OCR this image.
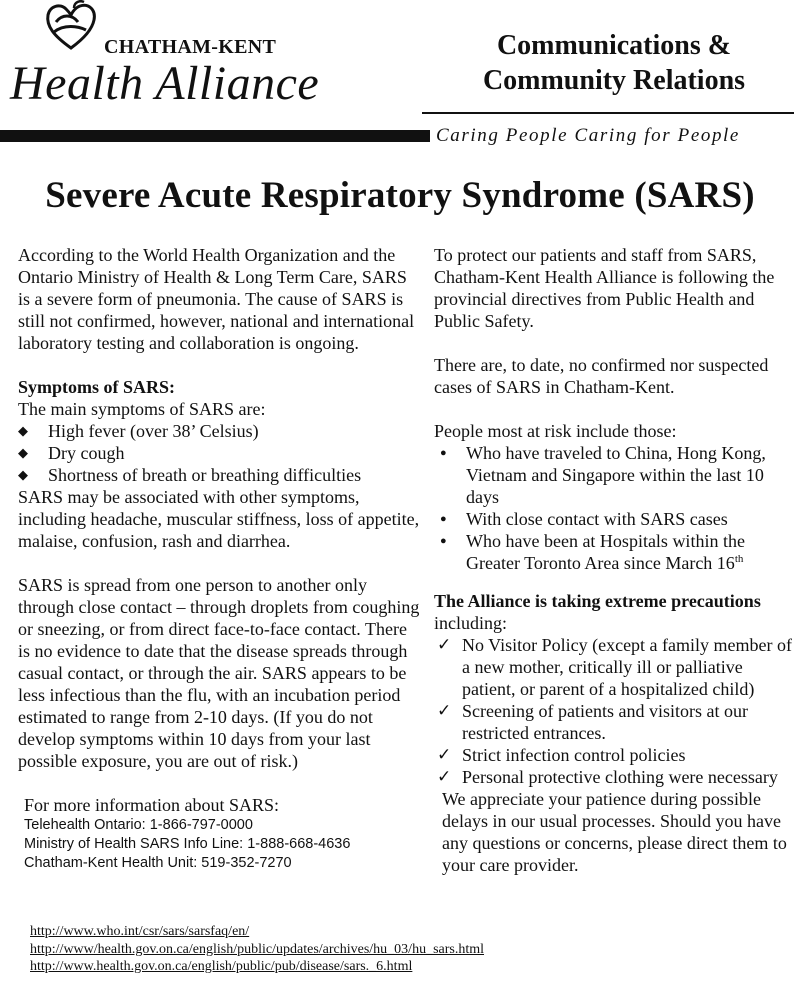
CHATHAM-KENT
Health Alliance
Communications &
Community Relations
Caring People Caring for People
Severe Acute Respiratory Syndrome (SARS)

According to the World Health Organization and the Ontario Ministry of Health & Long Term Care, SARS is a severe form of pneumonia. The cause of SARS is still not confirmed, however, national and international laboratory testing and collaboration is ongoing.

Symptoms of SARS:

The main symptoms of SARS are:

◆ High fever (over 38’ Celsius)
◆ Dry cough
◆ Shortness of breath or breathing difficulties

SARS may be associated with other symptoms, including headache, muscular stiffness, loss of appetite, malaise, confusion, rash and diarrhea.

SARS is spread from one person to another only through close contact – through droplets from coughing or sneezing, or from direct face-to-face contact. There is no evidence to date that the disease spreads through casual contact, or through the air. SARS appears to be less infectious than the flu, with an incubation period estimated to range from 2-10 days. (If you do not develop symptoms within 10 days from your last possible exposure, you are out of risk.)

For more information about SARS:

Telehealth Ontario: 1-866-797-0000
Ministry of Health SARS Info Line: 1-888-668-4636
Chatham-Kent Health Unit: 519-352-7270
http://www.who.int/csr/sars/sarsfaq/en/
http://www/health.gov.on.ca/english/public/updates/archives/hu_03/hu_sars.html
http://www.health.gov.on.ca/english/public/pub/disease/sars._6.html

To protect our patients and staff from SARS, Chatham-Kent Health Alliance is following the provincial directives from Public Health and Public Safety.

There are, to date, no confirmed nor suspected cases of SARS in Chatham-Kent.

People most at risk include those:

● Who have traveled to China, Hong Kong, Vietnam and Singapore within the last 10 days
● With close contact with SARS cases
● Who have been at Hospitals within the Greater Toronto Area since March 16th

The Alliance is taking extreme precautions

including:

✓ No Visitor Policy (except a family member of a new mother, critically ill or palliative patient, or parent of a hospitalized child)
✓ Screening of patients and visitors at our restricted entrances.
✓ Strict infection control policies
✓ Personal protective clothing were necessary

We appreciate your patience during possible delays in our usual processes. Should you have any questions or concerns, please direct them to your care provider.
